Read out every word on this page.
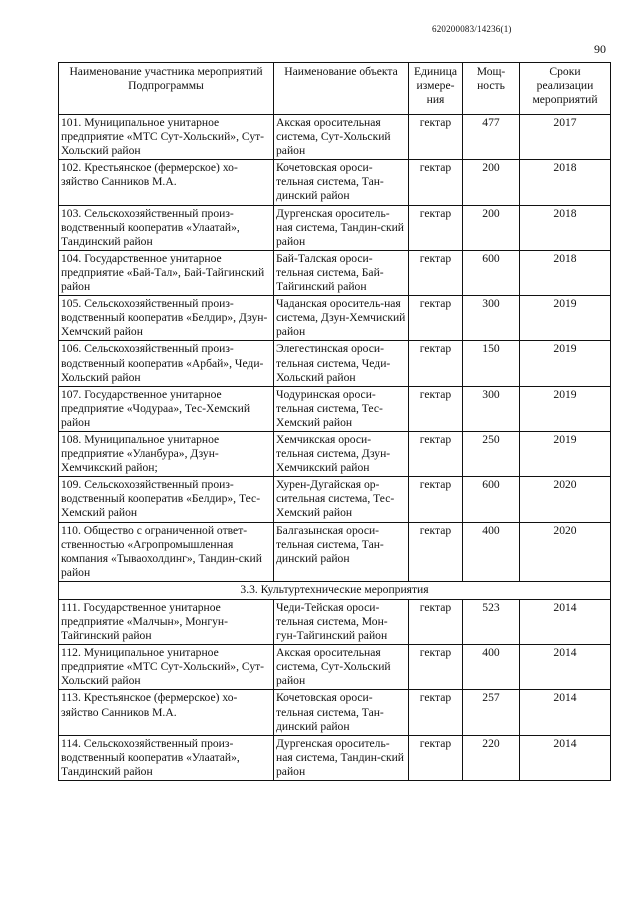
620200083/14236(1)
90
Наименование участника мероприятий Подпрограммы	Наименование объекта	Единица измере-ния	Мощ-ность	Сроки реализации мероприятий
101. Муниципальное унитарное предприятие «МТС Сут-Хольский», Сут-Хольский район	Акская оросительная система, Сут-Хольский район	гектар	477	2017
102. Крестьянское (фермерское) хо-зяйство Санников М.А.	Кочетовская ороси-тельная система, Тан-динский район	гектар	200	2018
103. Сельскохозяйственный произ-водственный кооператив «Улаатай», Тандинский район	Дургенская ороситель-ная система, Тандин-ский район	гектар	200	2018
104. Государственное унитарное предприятие «Бай-Тал», Бай-Тайгинский район	Бай-Талская ороси-тельная система, Бай-Тайгинский район	гектар	600	2018
105. Сельскохозяйственный произ-водственный кооператив «Белдир», Дзун-Хемчский район	Чаданская ороситель-ная система, Дзун-Хемчиский район	гектар	300	2019
106. Сельскохозяйственный произ-водственный кооператив «Арбай», Чеди-Хольский район	Элегестинская ороси-тельная система, Чеди-Хольский район	гектар	150	2019
107. Государственное унитарное предприятие «Чодураа», Тес-Хемский район	Чодуринская ороси-тельная система, Тес-Хемский район	гектар	300	2019
108. Муниципальное унитарное предприятие «Уланбура», Дзун-Хемчикский район;	Хемчикская ороси-тельная система, Дзун-Хемчикский район	гектар	250	2019
109. Сельскохозяйственный произ-водственный кооператив «Белдир», Тес-Хемский район	Хурен-Дугайская ор-сительная система, Тес-Хемский район	гектар	600	2020
110. Общество с ограниченной ответ-ственностью «Агропромышленная компания «Тываохолдинг», Тандин-ский район	Балгазынская ороси-тельная система, Тан-динский район	гектар	400	2020
3.3. Культуртехнические мероприятия				
111. Государственное унитарное предприятие «Малчын», Монгун-Тайгинский район	Чеди-Тейская ороси-тельная система, Мон-гун-Тайгинский район	гектар	523	2014
112. Муниципальное унитарное предприятие «МТС Сут-Хольский», Сут-Хольский район	Акская оросительная система, Сут-Хольский район	гектар	400	2014
113. Крестьянское (фермерское) хо-зяйство Санников М.А.	Кочетовская ороси-тельная система, Тан-динский район	гектар	257	2014
114. Сельскохозяйственный произ-водственный кооператив «Улаатай», Тандинский район	Дургенская ороситель-ная система, Тандин-ский район	гектар	220	2014
